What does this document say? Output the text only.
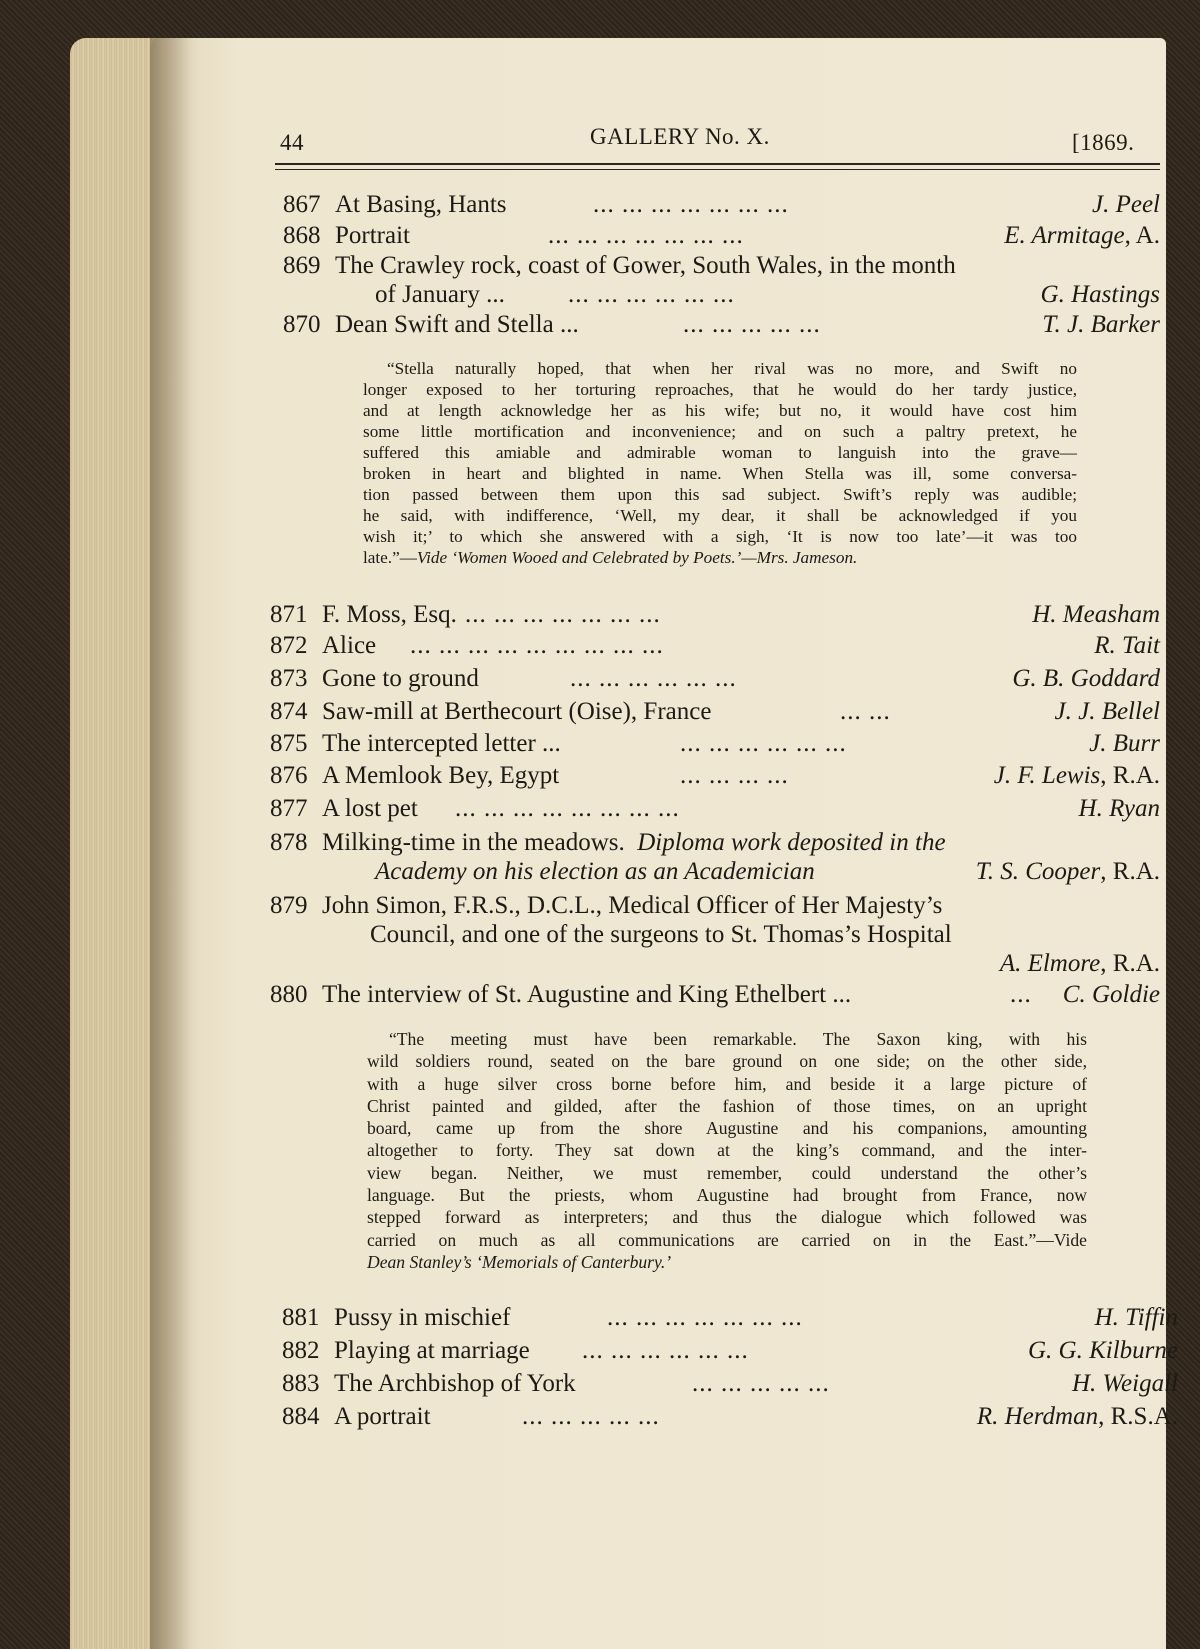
44	GALLERY No. X.	[1869.
867 At Basing, Hants	... ... ... ... ... ... ...	J. Peel
868 Portrait	... ... ... ... ... ... ...	E. Armitage, A.
869 The Crawley rock, coast of Gower, South Wales, in the month
of January ...	... ... ... ... ... ...	G. Hastings
870 Dean Swift and Stella ...	... ... ... ... ...	T. J. Barker
“Stella naturally hoped, that when her rival was no more, and Swift no
longer exposed to her torturing reproaches, that he would do her tardy justice,
and at length acknowledge her as his wife; but no, it would have cost him
some little mortification and inconvenience; and on such a paltry pretext, he
suffered this amiable and admirable woman to languish into the grave—
broken in heart and blighted in name. When Stella was ill, some conversa-
tion passed between them upon this sad subject. Swift’s reply was audible;
he said, with indifference, ‘Well, my dear, it shall be acknowledged if you
wish it;’ to which she answered with a sigh, ‘It is now too late’—it was too
late.”—Vide ‘Women Wooed and Celebrated by Poets.’—Mrs. Jameson.
871 F. Moss, Esq. ... ... ... ... ... ... ...	H. Measham
872 Alice ... ... ... ... ... ... ... ... ...	R. Tait
873 Gone to ground	... ... ... ... ... ...	G. B. Goddard
874 Saw-mill at Berthecourt (Oise), France	... ...	J. J. Bellel
875 The intercepted letter ...	... ... ... ... ... ...	J. Burr
876 A Memlook Bey, Egypt	... ... ... ...	J. F. Lewis, R.A.
877 A lost pet ... ... ... ... ... ... ... ...	H. Ryan
878 Milking-time in the meadows. Diploma work deposited in the
Academy on his election as an Academician	T. S. Cooper, R.A.
879 John Simon, F.R.S., D.C.L., Medical Officer of Her Majesty’s
Council, and one of the surgeons to St. Thomas’s Hospital
A. Elmore, R.A.
880 The interview of St. Augustine and King Ethelbert ...	... C. Goldie
“The meeting must have been remarkable. The Saxon king, with his
wild soldiers round, seated on the bare ground on one side; on the other side,
with a huge silver cross borne before him, and beside it a large picture of
Christ painted and gilded, after the fashion of those times, on an upright
board, came up from the shore Augustine and his companions, amounting
altogether to forty. They sat down at the king’s command, and the inter-
view began. Neither, we must remember, could understand the other’s
language. But the priests, whom Augustine had brought from France, now
stepped forward as interpreters; and thus the dialogue which followed was
carried on much as all communications are carried on in the East.”—Vide
Dean Stanley’s ‘Memorials of Canterbury.’
881 Pussy in mischief	... ... ... ... ... ... ...	H. Tiffin
882 Playing at marriage ... ... ... ... ... ...	G. G. Kilburne
883 The Archbishop of York	... ... ... ... ...	H. Weigall
884 A portrait	... ... ... ... ...	R. Herdman, R.S.A.
